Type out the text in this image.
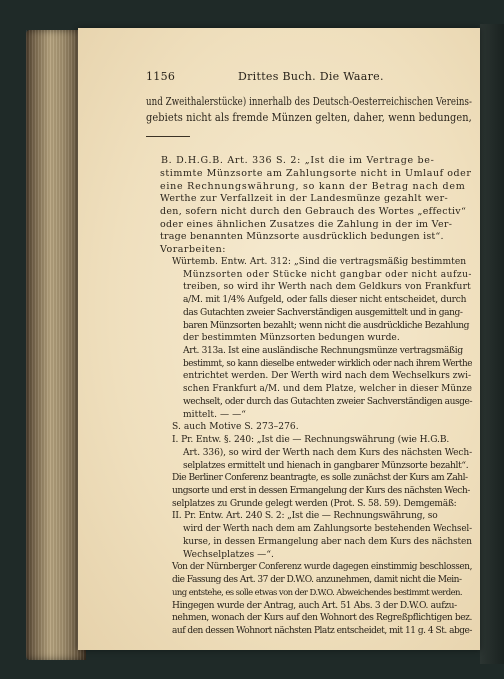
1156	Drittes Buch. Die Waare.
und Zweithalerstücke) innerhalb des Deutsch-Oesterreichischen Vereins-
gebiets nicht als fremde Münzen gelten, daher, wenn bedungen,
B. D.H.G.B. Art. 336 S. 2: „Ist die im Vertrage be-
stimmte Münzsorte am Zahlungsorte nicht in Umlauf oder
eine Rechnungswährung, so kann der Betrag nach dem
Werthe zur Verfallzeit in der Landesmünze gezahlt wer-
den, sofern nicht durch den Gebrauch des Wortes „effectiv“
oder eines ähnlichen Zusatzes die Zahlung in der im Ver-
trage benannten Münzsorte ausdrücklich bedungen ist“.
Vorarbeiten:
Würtemb. Entw. Art. 312: „Sind die vertragsmäßig bestimmten
Münzsorten oder Stücke nicht gangbar oder nicht aufzu-
treiben, so wird ihr Werth nach dem Geldkurs von Frankfurt
a/M. mit 1/4% Aufgeld, oder falls dieser nicht entscheidet, durch
das Gutachten zweier Sachverständigen ausgemittelt und in gang-
baren Münzsorten bezahlt; wenn nicht die ausdrückliche Bezahlung
der bestimmten Münzsorten bedungen wurde.
Art. 313a. Ist eine ausländische Rechnungsmünze vertragsmäßig
bestimmt, so kann dieselbe entweder wirklich oder nach ihrem Werthe
entrichtet werden. Der Werth wird nach dem Wechselkurs zwi-
schen Frankfurt a/M. und dem Platze, welcher in dieser Münze
wechselt, oder durch das Gutachten zweier Sachverständigen ausge-
mittelt. — —“
S. auch Motive S. 273–276.
I. Pr. Entw. §. 240: „Ist die — Rechnungswährung (wie H.G.B.
Art. 336), so wird der Werth nach dem Kurs des nächsten Wech-
selplatzes ermittelt und hienach in gangbarer Münzsorte bezahlt“.
Die Berliner Conferenz beantragte, es solle zunächst der Kurs am Zahl-
ungsorte und erst in dessen Ermangelung der Kurs des nächsten Wech-
selplatzes zu Grunde gelegt werden (Prot. S. 58. 59). Demgemäß:
II. Pr. Entw. Art. 240 S. 2: „Ist die — Rechnungswährung, so
wird der Werth nach dem am Zahlungsorte bestehenden Wechsel-
kurse, in dessen Ermangelung aber nach dem Kurs des nächsten
Wechselplatzes —“.
Von der Nürnberger Conferenz wurde dagegen einstimmig beschlossen,
die Fassung des Art. 37 der D.W.O. anzunehmen, damit nicht die Mein-
ung entstehe, es solle etwas von der D.W.O. Abweichendes bestimmt werden.
Hingegen wurde der Antrag, auch Art. 51 Abs. 3 der D.W.O. aufzu-
nehmen, wonach der Kurs auf den Wohnort des Regreßpflichtigen bez.
auf den dessen Wohnort nächsten Platz entscheidet, mit 11 g. 4 St. abge-
